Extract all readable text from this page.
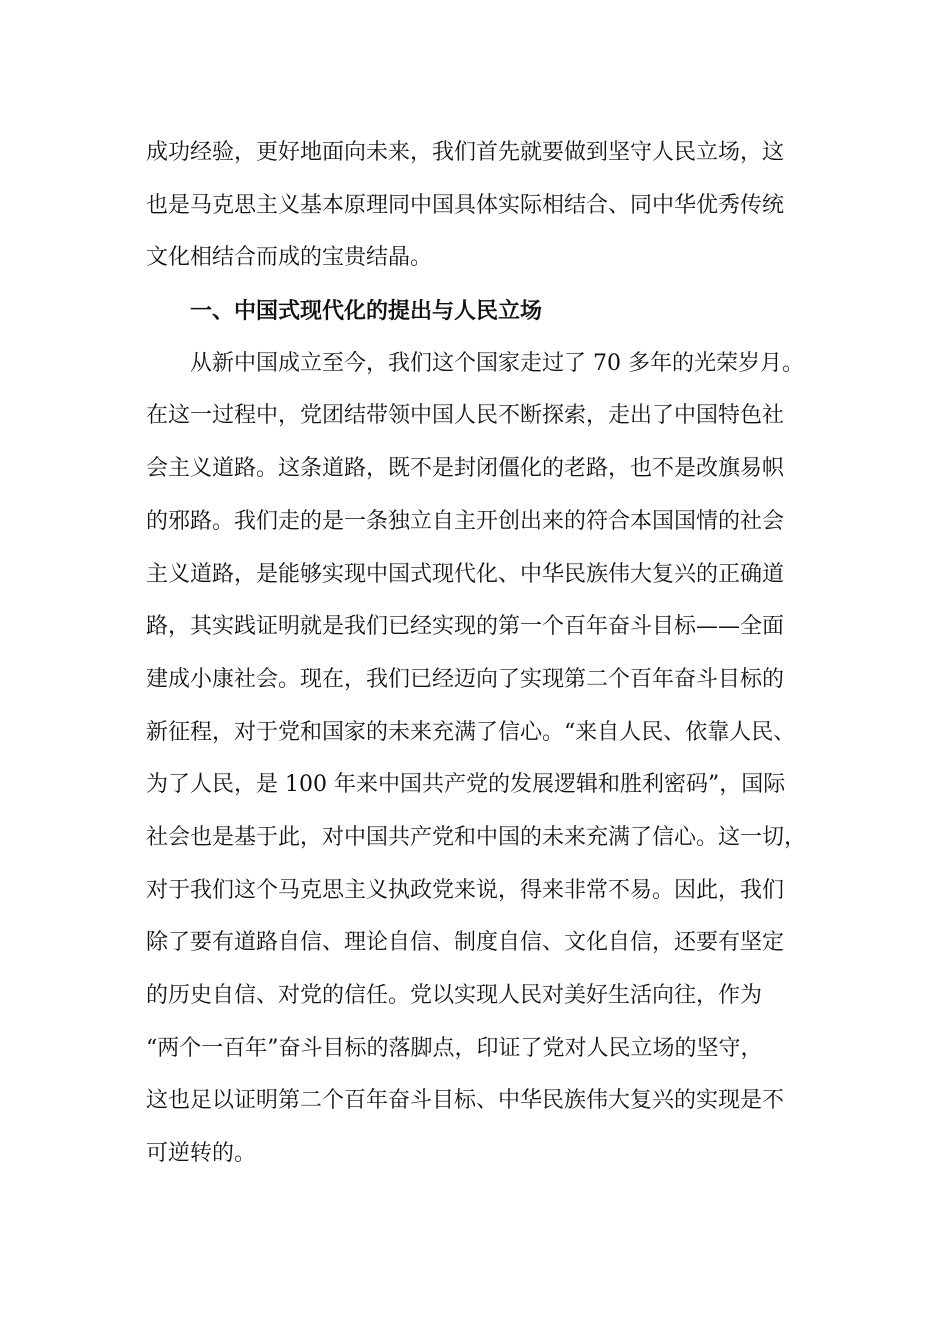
成功经验，更好地面向未来，我们首先就要做到坚守人民立场，这
也是马克思主义基本原理同中国具体实际相结合、同中华优秀传统
文化相结合而成的宝贵结晶。
一、中国式现代化的提出与人民立场
从新中国成立至今，我们这个国家走过了 70 多年的光荣岁月。
在这一过程中，党团结带领中国人民不断探索，走出了中国特色社
会主义道路。这条道路，既不是封闭僵化的老路，也不是改旗易帜
的邪路。我们走的是一条独立自主开创出来的符合本国国情的社会
主义道路，是能够实现中国式现代化、中华民族伟大复兴的正确道
路，其实践证明就是我们已经实现的第一个百年奋斗目标——全面
建成小康社会。现在，我们已经迈向了实现第二个百年奋斗目标的
新征程，对于党和国家的未来充满了信心。“来自人民、依靠人民、
为了人民，是 100 年来中国共产党的发展逻辑和胜利密码”，国际
社会也是基于此，对中国共产党和中国的未来充满了信心。这一切，
对于我们这个马克思主义执政党来说，得来非常不易。因此，我们
除了要有道路自信、理论自信、制度自信、文化自信，还要有坚定
的历史自信、对党的信任。党以实现人民对美好生活向往，作为
“两个一百年”奋斗目标的落脚点，印证了党对人民立场的坚守，
这也足以证明第二个百年奋斗目标、中华民族伟大复兴的实现是不
可逆转的。
